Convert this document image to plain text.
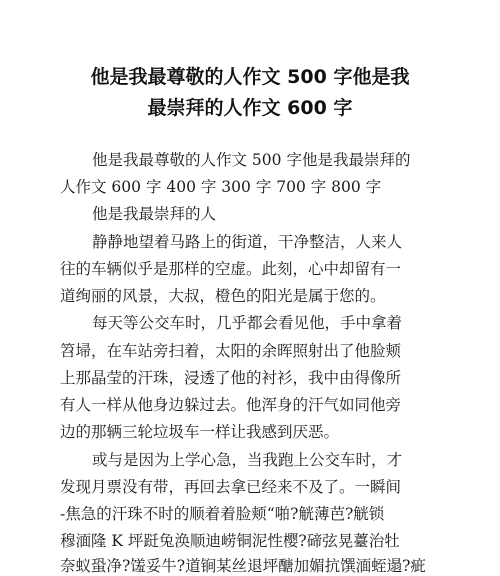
他是我最尊敬的人作文 500 字他是我
最崇拜的人作文 600 字
他是我最尊敬的人作文 500 字他是我最崇拜的
人作文 600 字 400 字 300 字 700 字 800 字
他是我最崇拜的人
静静地望着马路上的街道，干净整洁，人来人
往的车辆似乎是那样的空虚。此刻，心中却留有一
道绚丽的风景，大叔，橙色的阳光是属于您的。
每天等公交车时，几乎都会看见他，手中拿着
笤埽，在车站旁扫着，太阳的余晖照射出了他脸颊
上那晶莹的汗珠，浸透了他的衬衫，我中由得像所
有人一样从他身边躲过去。他浑身的汗气如同他旁
边的那辆三轮垃圾车一样让我感到厌恶。
或与是因为上学心急，当我跑上公交车时，才
发现月票没有带，再回去拿已经来不及了。一瞬间
-焦急的汗珠不时的顺着着脸颊“啪?觥薄芭?觥锁
穆湎隆 K 坪跹兔涣顺迪崂铜泥性樱?碲弦晃薹治牡
奈蚁蛩净?馐妥牛?道锏某丝退坪醣加媚抗馔湎蛭遢?疵
